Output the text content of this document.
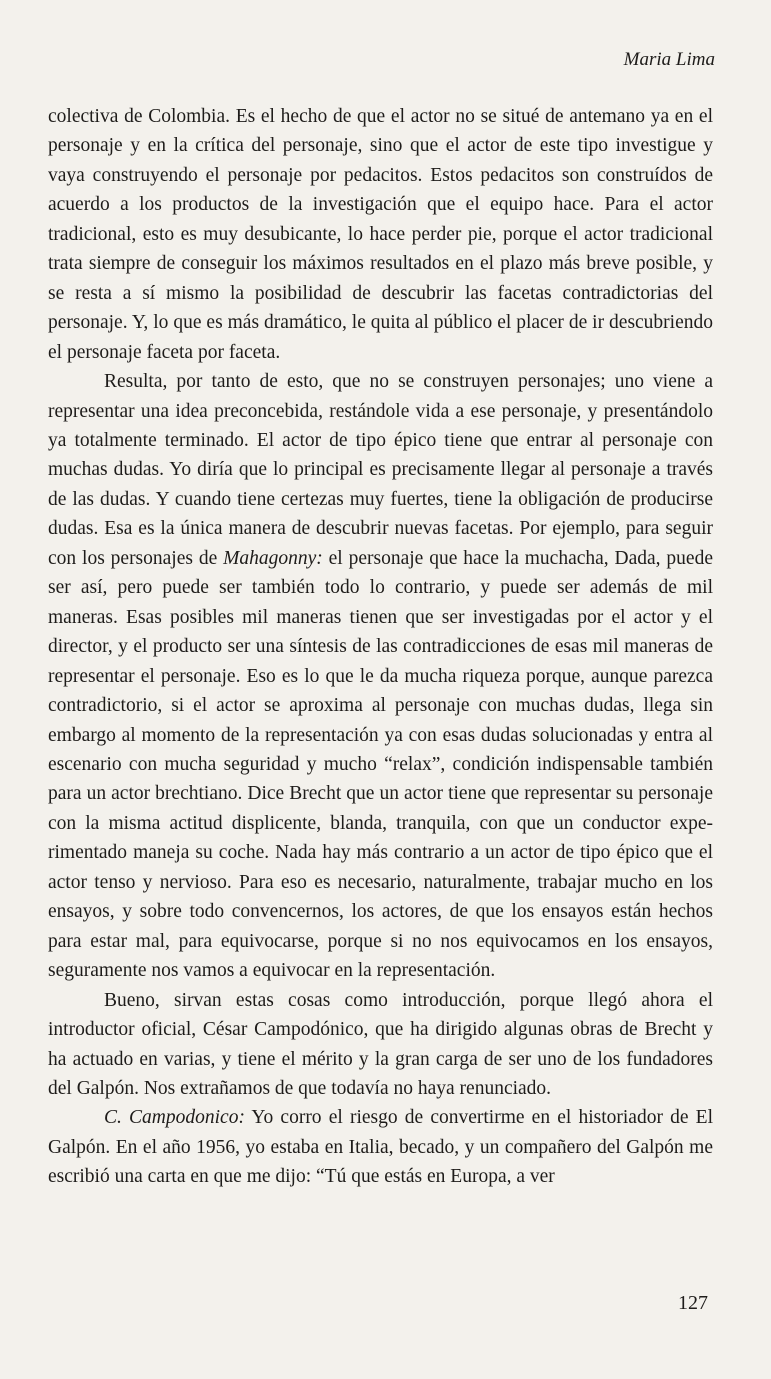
Maria Lima

colectiva de Colombia. Es el hecho de que el actor no se situé de antemano ya en el personaje y en la crítica del personaje, sino que el actor de este tipo investigue y vaya construyendo el personaje por pedacitos. Estos pedacitos son construídos de acuerdo a los productos de la investigación que el equipo hace. Para el actor tradicional, esto es muy desubicante, lo hace perder pie, porque el actor tradicional trata siempre de conseguir los máximos resultados en el plazo más breve posible, y se resta a sí mismo la posibilidad de descubrir las facetas contradictorias del personaje. Y, lo que es más dramático, le quita al público el placer de ir descubriendo el personaje faceta por faceta.

Resulta, por tanto de esto, que no se construyen personajes; uno viene a representar una idea preconcebida, restándole vida a ese personaje, y presentándolo ya totalmente terminado. El actor de tipo épico tiene que entrar al personaje con muchas dudas. Yo diría que lo principal es precisamente llegar al personaje a través de las dudas. Y cuando tiene certezas muy fuertes, tiene la obligación de producirse dudas. Esa es la única manera de descubrir nuevas facetas. Por ejemplo, para seguir con los personajes de Mahagonny: el personaje que hace la muchacha, Dada, puede ser así, pero puede ser también todo lo contrario, y puede ser además de mil maneras. Esas posibles mil maneras tienen que ser investigadas por el actor y el director, y el producto ser una síntesis de las contradicciones de esas mil maneras de representar el personaje. Eso es lo que le da mucha riqueza porque, aunque parezca contradictorio, si el actor se aproxima al personaje con muchas dudas, llega sin embargo al momento de la representación ya con esas dudas solucionadas y entra al escenario con mucha seguridad y mucho “relax”, condición indispensable también para un actor brechtiano. Dice Brecht que un actor tiene que representar su personaje con la misma actitud displicente, blanda, tranquila, con que un conductor experimentado maneja su coche. Nada hay más contrario a un actor de tipo épico que el actor tenso y nervioso. Para eso es necesario, naturalmente, trabajar mucho en los ensayos, y sobre todo convencernos, los actores, de que los ensayos están hechos para estar mal, para equivocarse, porque si no nos equivocamos en los ensayos, seguramente nos vamos a equivocar en la representación.

Bueno, sirvan estas cosas como introducción, porque llegó ahora el introductor oficial, César Campodónico, que ha dirigido algunas obras de Brecht y ha actuado en varias, y tiene el mérito y la gran carga de ser uno de los fundadores del Galpón. Nos extrañamos de que todavía no haya renunciado.

C. Campodonico: Yo corro el riesgo de convertirme en el historiador de El Galpón. En el año 1956, yo estaba en Italia, becado, y un compañero del Galpón me escribió una carta en que me dijo: “Tú que estás en Europa, a ver

127
